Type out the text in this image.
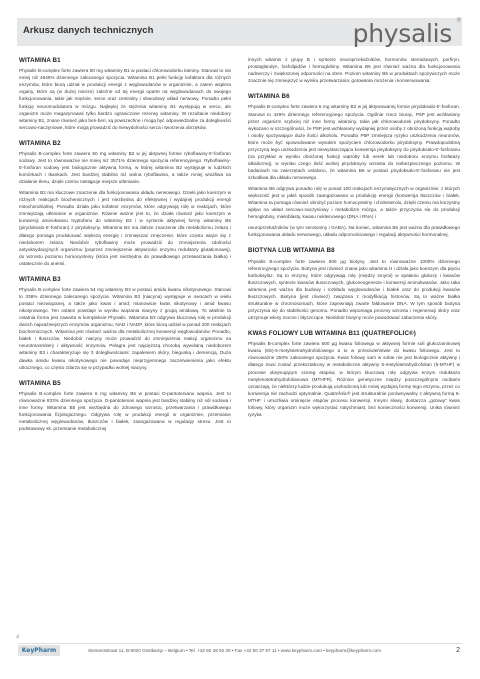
Arkusz danych technicznych	physalis ®
WITAMINA B1

Physalis B-complex forte zawiera 50 mg witaminy B1 w postaci chlorowodorku tiaminy. Stanowi to nie mniej niż 4545% dziennego zalecanego spożycia. Witamina B1 pełni funkcję kofaktora dla różnych enzymów, które biorą udział w produkcji energii z węglowodanów w organizmie, a zatem wspiera organy, które są (w dużej mierze) zależne od tej energii oparte na węglowodanach do swojego funkcjonowania, takie jak mięśnie, serce oraz centralny i obwodowy układ nerwowy. Ponadto pełni funkcję neuromodulatora w mózgu. Najlepiej ze stężenia witaminy B1 występują w sercu, ale organizm może magazynować tylko bardzo ograniczone rezerwy witaminy. W rezultacie niedobory witaminy B1, znane również jako beri-beri, są powszechne i mogą być odpowiedzialne za dolegliwości sercowo-naczyniowe, które mogą prowadzić do niewydolności serca i tworzenia obrzęków.

WITAMINA B2

Physalis B-complex forte zawiera 50 mg witaminy B2 w jej aktywnej formie ryboflawiny-5'-fosforan sodowy. Jest to równoważne nie mniej niż 3571% dziennego spożycia referencyjnego. Ryboflawiny-5'-fosforan sodowy jest biologicznie aktywną formą, w której witamina B2 występuje w ludzkich komórkach i tkankach. Jest bardziej stabilna niż wolna ryboflawina, a także mniej wrażliwa na działanie tlenu, dzięki czemu nastąpuje miejsze utlenianie.

Witamina B2 ma kluczowe znaczenie dla funkcjonowania układu nerwowego. Dzieki jako koenzym w różnych reakcjach biochemicznych i jest niezbędna do efektywnej i wydajnej produkcji energii mitochondrialnej. Ponadto działa jako kofaktor enzymów, które odgrywają rolę w reakcjach, które zmniejszają utlenianie w organizmie. Równie ważne jest to, że działa również jako koenzym w konwersji aminokwasu tryptofanu do witaminy B3 i w syntezie aktywnej formy witaminy B6 (pirydoksalo-5'-fosforan) z pirydoksyny. Witamina B2 ma dalsze znaczenie dla metabolizmu żelaza i dlatego pomaga produkować większą energię i zmniejszać zmęczenie, które często wiąże się z niedoborem żelaza. Niedobór ryboflawiny może prowadzić do zmniejszenia zdolności antyoksydacyjnych organizmu (poprzez zmniejszenie aktywności enzymu reduktazy glutationowej), do wzrostu poziomu homocysteiny (która jest niezbędna do prawidłowego przetwarzania białka) i ostatecznie do anemii.

WITAMINA B3

Physalis B-complex forte zawiera 54 mg witaminy B3 w postaci amidu kwasu nikotynowego. Stanowi to 338% dziennego zalecanego spożycia. Witamina B3 (niacyna) występuje w owocach w wielu postaci niezwiązanej, a także jako kwas i amid; mianowicie kwas nikotynowy i amid kwasu nikotynowego. Ten ostatni powstaje w wyniku wiązania niacyny z grupą amidową. To właśnie ta ostatnia forma jest zawarta w kompleksie Physalis. Witamina B3 odgrywa kluczową rolę w produkcji dwóch najważniejszych enzymów organizmu, NAD i NADP, które biorą udział w ponad 200 reakcjach biochemicznych. Witamina jest również ważna dla metabolicznej konwersji węglowodanów. Ponadto, białek i tłuszczów. Niedobór niacyny może prowadzić do zmniejszenia reakcji organizmu na neurotransmitery i aktywność enzymów. Pelagra jest najcięższą chorobą wywołaną niedoborem witaminy B3 i charakteryzuje się 3 dolegliwościami: zapaleniem skóry, biegunką i demencją. Duża dawka amidu kwasu nikotynowego nie powoduje nieprzyjemnego zaczerwienienia jako efektu ubocznego, co często zdarza się w przypadku wolnej niacyny.

WITAMINA B5

Physalis B-complex forte zawiera 6 mg witaminy B5 w postaci D-pantotenianu wapnia. Jest to równoważne 833% dziennego spożycia. D-pantotenian wapnia jest bardziej stabilny niż sól sodowa i inne formy. Witamina B5 jest niezbędna do zdrowego wzrostu, przetwarzania i prawidłowego funkcjonowania fizjologicznego. Odgrywa rolę w produkcji energii w organizmie, przemianie metabolicznej węglowodanów, tłuszczów i białek, zaangażowana w regulację stresu. Jest to podstawowy sk. przemianie metabolicznej

innych witamin z grupy B i syntezie neuroprzekaźników, hormonów steroidowych, porfiryn, prostaglandyn, fosfolipidów i hemoglobiny. Witamina B5 jest również ważna dla funkcjonowania nadnerczy i zwiększonej odporności na stres. Poziom witaminy B5 w produktach spożywczych może znacznie się zmniejszyć w wyniku przetwarzania, gotowania mrożenia i konserwowania.

WITAMINA B6

Physalis B-complex forte zawiera 6 mg witaminy B2 w jej aktywowanej formie pirydoksalo-5'-fosforan. Stanowi to 429% dziennego referencyjnego spożycia. Ogólnie rzecz biorąc, P5P jest wchłaniany przez organizm szybciej niż inne formy witaminy, takie jak chlorowodorek pirydoksyny. Ponadto wykazano w szczególności, że P5P jest wchłaniany wydajniej przez osoby z obniżoną funkcją wątroby i osoby spożywające duże ilości alkoholu. Ponadto P5P zmniejsza ryzyko uszkodzenia neuronów, które może być spowodowane wysokim spożyciem chlorowodorku pirydoksyny. Prawdopodobną przyczyną tego uszkodzenia jest niewystarczająca konwersja pirydoksyny do pirydoksalo-5'-fosforanu (na przykład w wyniku obniżonej funkcji wątroby lub nerek lub niedoboru enzymu fosfatazy alkalicznej), w wyniku czego ilość wolnej pirydoksyny wzrasta do niebezpiecznego poziomu. W badaniach na zwierzętach ustalono, że witamina B6 w postaci pirydoksalo-5'-fosforanu nie jest szkodliwa dla układu nerwowego.

Witamina B6 odgrywa ponadto rolę w ponad 100 reakcjach enzymatycznych w organizmie, z których większość jest w jakiś sposób zaangażowana w produkcję energii (konwersja tłuszczów i białek. Witamina ta pomaga również obniżyć poziom homocysteiny i cholesterolu, dzięki czemu ma korzystny wpływ na układ sercowo-naczyniowy i metabolizm mózgu, a także przyczynia się do produkcji hemoglobiny, mieloblasty, kwasu nukleinowego (DNA i RNA) i

neuroprzekaźników (w tym serotoniny i GABA). Na koniec, witamina B6 jest ważna dla prawidłowego funkcjonowania układu nerwowego, układu odpornościowego i regulacji aktywności hormonalnej.

BIOTYNA LUB WITAMINA B8

Physalis B-complex forte zawiera 500 µg biotyny. Jest to równoważne 1000% dziennego referencyjnego spożycia. Biotyna jest również znana jako witamina H i działa jako koenzym dla pięciu karboksylaz. Są to enzymy, które odgrywają rolę (między innymi) w spalaniu glukozy i kwasów tłuszczowych, syntezie kwasów tłuszczowych, glukoneogenezie i konwersji aminokwasów. Jako taka witamina jest ważna dla budowy i rozkładu węglowodanów i białek oraz do produkcji kwasów tłuszczowych. Biotyna (jest również) związana z modyfikacją histonów. Są to ważne białka strukturalne w chromosomach, które zapewniają zwarte fałdowanie DNA. W tym sposób biotyna przyczynia się do stabilności genomu. Ponadto wspomaga procesy wzrostu i regeneracji skóry oraz utrzymuje włosy mocne i błyszczące. Niedobór biotyny może powodować zaburzenia skóry.

KWAS FOLIOWY LUB WITAMINA B11 (QUATREFOLIC®)

Physalis B-complex forte zawiera 500 µg kwasu foliowego w aktywnej formie soli glukozaminowej kwasu (6S)-5-metylotetrahydrofoliowego a to w przeciwieństwie do kwasu foliowego. Jest to równoważne 250% zalecanego spożycia. Kwas foliowy sam w sobie nie jest biologicznie aktywny i dlatego musi zostać przekształcony w metaboliczne aktywny 5-metylotetrahydrofolian (5-MTHF) w procesie obejmującym szereg etapów, w którym kluczową rolę odgrywa enzym reduktaza metylenotetrahydrofolianowa (MTHFR). Różnice genetyczne między poszczególnymi osobami oznaczają, że niektórzy ludzie produkują uszkodzoną lub mniej wydajną formę tego enzymu, przez co konwersja nie zachodzi optymalnie. Quatrefolic® jest strukturalnie porównywalny z aktywną formą 5-MTHF i umożliwia ominięcie etapów procesu konwersji. Innymi słowy, dostarcza „gotowy” kwas foliowy, który organizm może wykorzystać natychmiast, bez konieczności konwersji. Unika również ryzyka

NL
KeyPharm	Siemensstraat 11, B-8020 Oostkamp – Belgium • Tel. +32 50 28 92 30 • Fax +32 50 37 57 11 • www.keypharm.com • keypharm@keypharm.com	2
